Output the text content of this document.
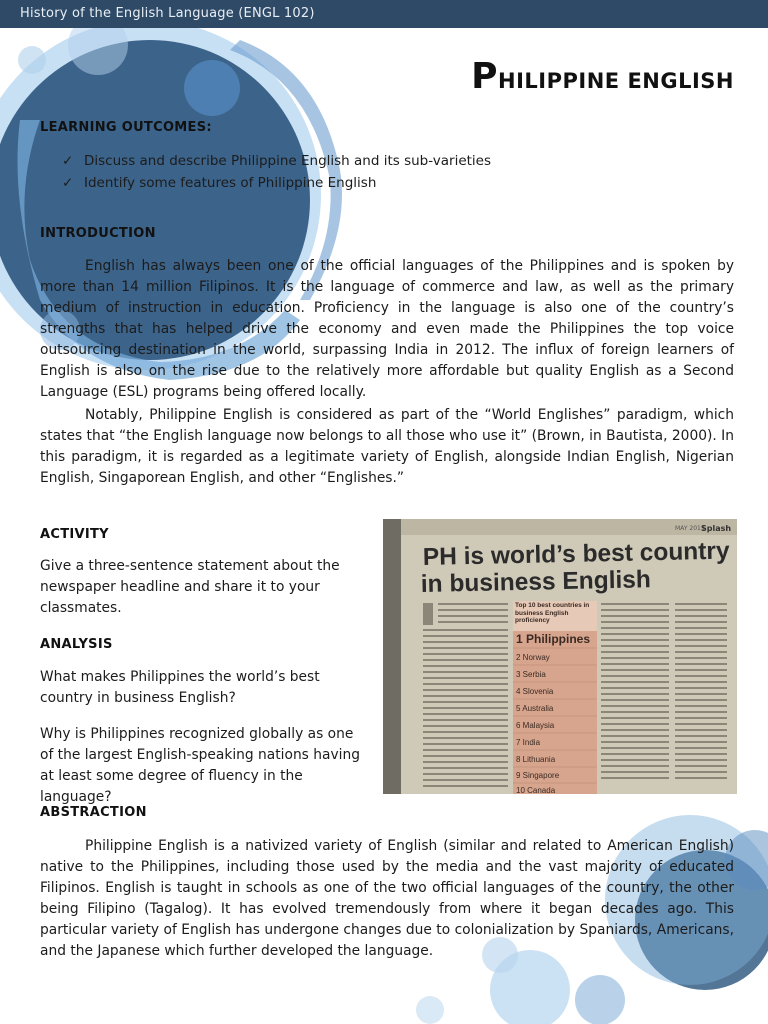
History of the English Language (ENGL 102)
PHILIPPINE ENGLISH
LEARNING OUTCOMES:
✓ Discuss and describe Philippine English and its sub-varieties
✓ Identify some features of Philippine English
INTRODUCTION

English has always been one of the official languages of the Philippines and is spoken by more than 14 million Filipinos. It is the language of commerce and law, as well as the primary medium of instruction in education. Proficiency in the language is also one of the country’s strengths that has helped drive the economy and even made the Philippines the top voice outsourcing destination in the world, surpassing India in 2012. The influx of foreign learners of English is also on the rise due to the relatively more affordable but quality English as a Second Language (ESL) programs being offered locally.

Notably, Philippine English is considered as part of the “World Englishes” paradigm, which states that “the English language now belongs to all those who use it” (Brown, in Bautista, 2000). In this paradigm, it is regarded as a legitimate variety of English, alongside Indian English, Nigerian English, Singaporean English, and other “Englishes.”

ACTIVITY

Give a three-sentence statement about the newspaper headline and share it to your classmates.

ANALYSIS

What makes Philippines the world’s best country in business English?

Why is Philippines recognized globally as one of the largest English-speaking nations having at least some degree of fluency in the language?

MAY 2013
Splash
PH is world’s best country
in business English
Top 10 best countries in business English proficiency
1 Philippines
2 Norway
3 Serbia
4 Slovenia
5 Australia
6 Malaysia
7 India
8 Lithuania
9 Singapore
10 Canada
ABSTRACTION

Philippine English is a nativized variety of English (similar and related to American English) native to the Philippines, including those used by the media and the vast majority of educated Filipinos. English is taught in schools as one of the two official languages of the country, the other being Filipino (Tagalog). It has evolved tremendously from where it began decades ago. This particular variety of English has undergone changes due to colonialization by Spaniards, Americans, and the Japanese which further developed the language.
